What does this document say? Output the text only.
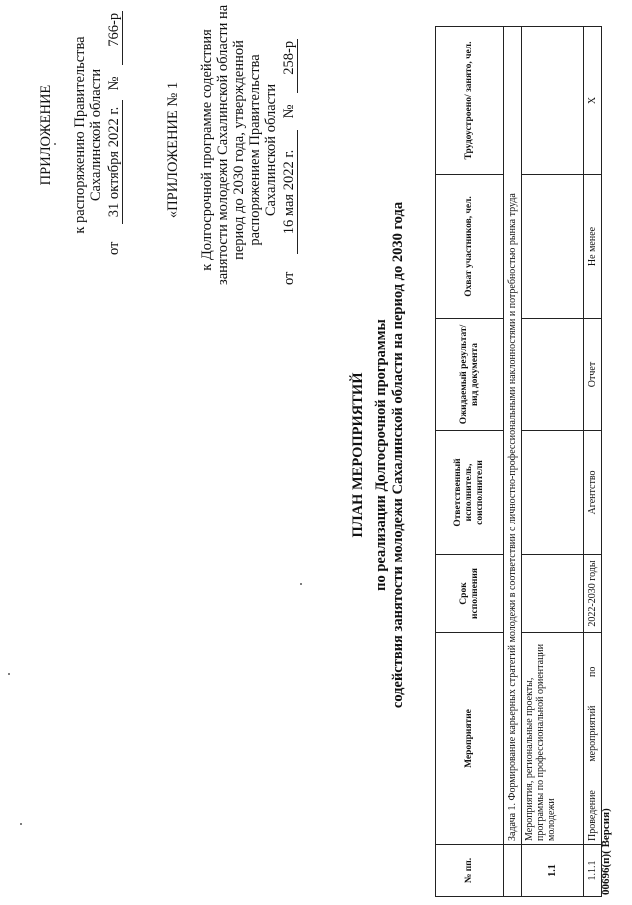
ПРИЛОЖЕНИЕ к распоряжению Правительства Сахалинской области
от 31 октября 2022 г. № 766-р
«ПРИЛОЖЕНИЕ № 1 к Долгосрочной программе содействия занятости молодежи Сахалинской области на период до 2030 года, утвержденной распоряжением Правительства Сахалинской области
от 16 мая 2022 г. № 258-р
ПЛАН МЕРОПРИЯТИЙ по реализации Долгосрочной программы содействия занятости молодежи Сахалинской области на период до 2030 года
№ пп.	Мероприятие	Срок исполнения	Ответственный исполнитель, соисполнители	Ожидаемый результат/ вид документа	Охват участников, чел.	Трудоустроено/ занято, чел.
	Задача 1. Формирование карьерных стратегий молодежи в соответствии с личностно-профессиональными наклонностями и потребностью рынка труда					
1.1	Мероприятия, региональные проекты, программы по профессиональной ориентации молодежи					
1.1.1	Проведение мероприятий по	2022-2030 годы	Агентство	Отчет	Не менее	Х
00696(п)( Версия)
